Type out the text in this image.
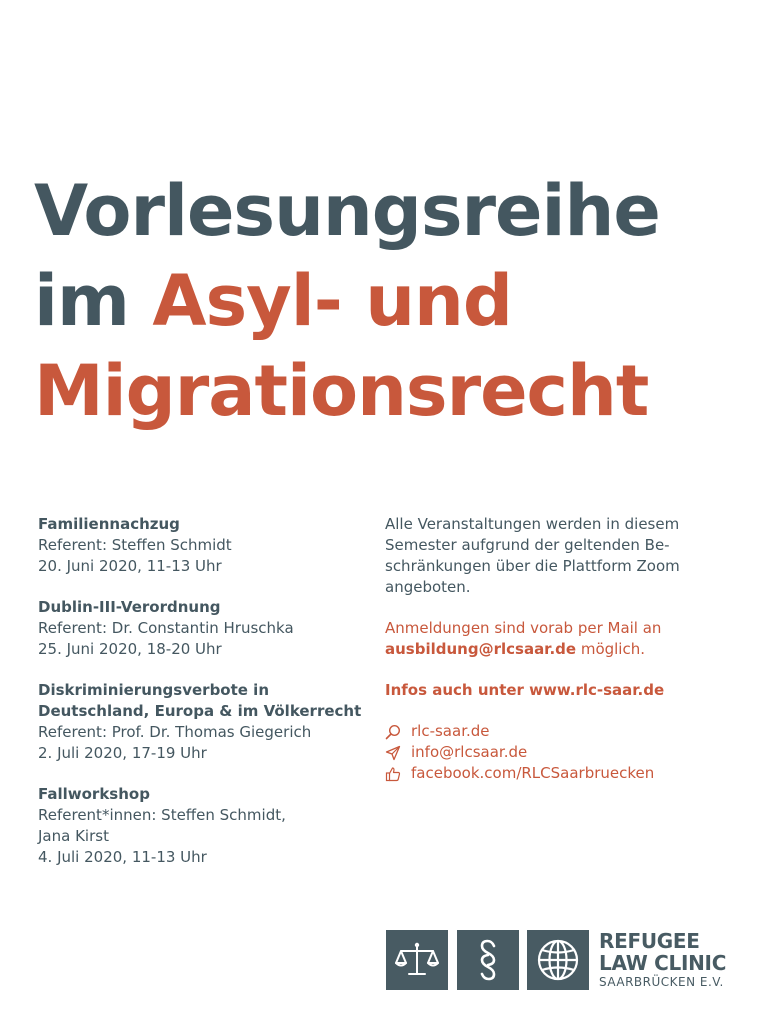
Vorlesungsreihe
im Asyl- und
Migrationsrecht
Familiennachzug
Referent: Steffen Schmidt
20. Juni 2020, 11-13 Uhr
Dublin-III-Verordnung
Referent: Dr. Constantin Hruschka
25. Juni 2020, 18-20 Uhr
Diskriminierungsverbote in
Deutschland, Europa & im Völkerrecht
Referent: Prof. Dr. Thomas Giegerich
2. Juli 2020, 17-19 Uhr
Fallworkshop
Referent*innen: Steffen Schmidt,
Jana Kirst
4. Juli 2020, 11-13 Uhr

Alle Veranstaltungen werden in diesem
Semester aufgrund der geltenden Be-
schränkungen über die Plattform Zoom
angeboten.

Anmeldungen sind vorab per Mail an
ausbildung@rlcsaar.de möglich.

Infos auch unter www.rlc-saar.de

rlc-saar.de
info@rlcsaar.de
facebook.com/RLCSaarbruecken
REFUGEE
LAW CLINIC
SAARBRÜCKEN E.V.
